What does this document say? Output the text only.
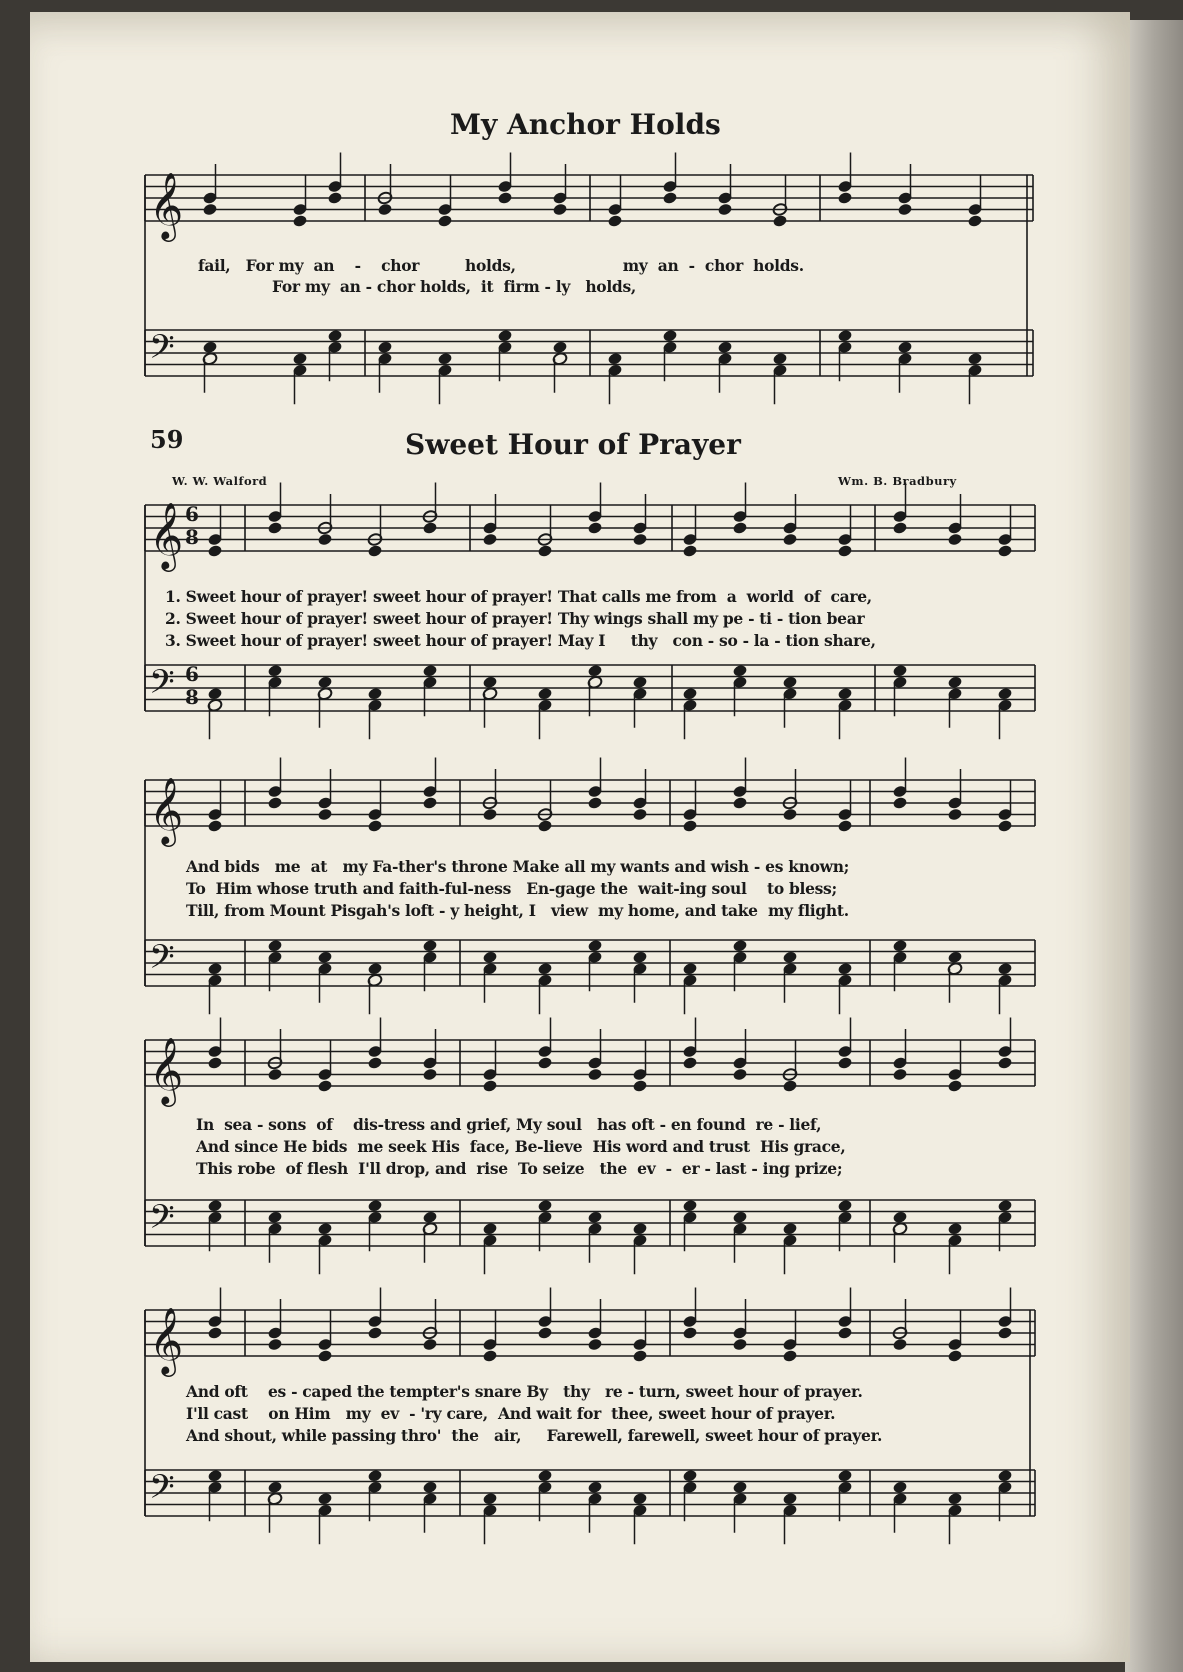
𝄞
𝄢
𝄞
𝄢
𝄞
𝄢
𝄞
𝄢
𝄞
𝄢
6
8
6
8
My Anchor Holds
fail,   For my  an    -    chor         holds,                     my  an  -  chor  holds.
For my  an - chor holds,  it  firm - ly   holds,
59	Sweet Hour of Prayer
W. W. Walford	Wm. B. Bradbury
1. Sweet hour of prayer! sweet hour of prayer! That calls me from  a  world  of  care,
2. Sweet hour of prayer! sweet hour of prayer! Thy wings shall my pe - ti - tion bear
3. Sweet hour of prayer! sweet hour of prayer! May I     thy   con - so - la - tion share,
And bids   me  at   my Fa-ther's throne Make all my wants and wish - es known;
To  Him whose truth and faith-ful-ness   En-gage the  wait-ing soul    to bless;
Till, from Mount Pisgah's loft - y height, I   view  my home, and take  my flight.
In  sea - sons  of    dis-tress and grief, My soul   has oft - en found  re - lief,
And since He bids  me seek His  face, Be-lieve  His word and trust  His grace,
This robe  of flesh  I'll drop, and  rise  To seize   the  ev  -  er - last - ing prize;
And oft    es - caped the tempter's snare By   thy   re - turn, sweet hour of prayer.
I'll cast    on Him   my  ev  - 'ry care,  And wait for  thee, sweet hour of prayer.
And shout, while passing thro'  the   air,     Farewell, farewell, sweet hour of prayer.
